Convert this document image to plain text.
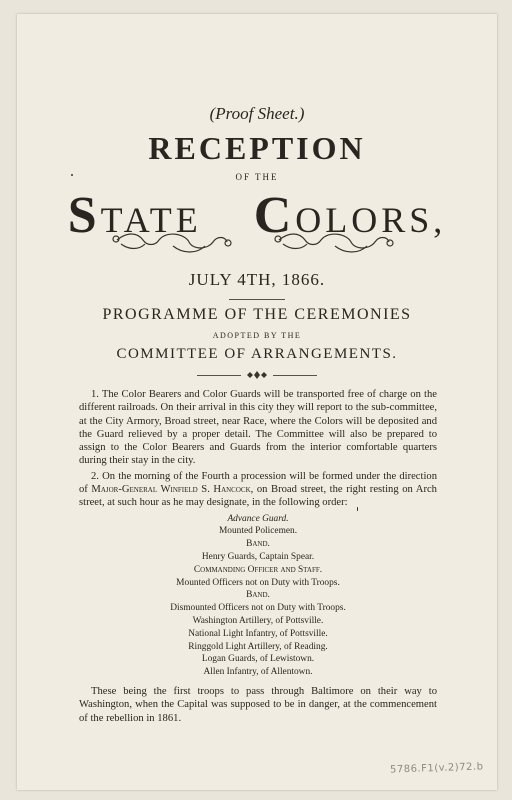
(Proof Sheet.)
RECEPTION
OF THE
STATE COLORS,
JULY 4TH, 1866.
PROGRAMME OF THE CEREMONIES
ADOPTED BY THE
COMMITTEE OF ARRANGEMENTS.

1. The Color Bearers and Color Guards will be transported free of charge on the different railroads. On their arrival in this city they will report to the sub-committee, at the City Armory, Broad street, near Race, where the Colors will be deposited and the Guard relieved by a proper detail. The Committee will also be prepared to assign to the Color Bearers and Guards from the interior comfortable quarters during their stay in the city.

2. On the morning of the Fourth a procession will be formed under the direction of Major-General Winfield S. Hancock, on Broad street, the right resting on Arch street, at such hour as he may designate, in the following order:

Advance Guard.
Mounted Policemen.
Band.
Henry Guards, Captain Spear.
Commanding Officer and Staff.
Mounted Officers not on Duty with Troops.
Band.
Dismounted Officers not on Duty with Troops.
Washington Artillery, of Pottsville.
National Light Infantry, of Pottsville.
Ringgold Light Artillery, of Reading.
Logan Guards, of Lewistown.
Allen Infantry, of Allentown.

These being the first troops to pass through Baltimore on their way to Washington, when the Capital was supposed to be in danger, at the commencement of the rebellion in 1861.

5786.F1(v.2)72.b
